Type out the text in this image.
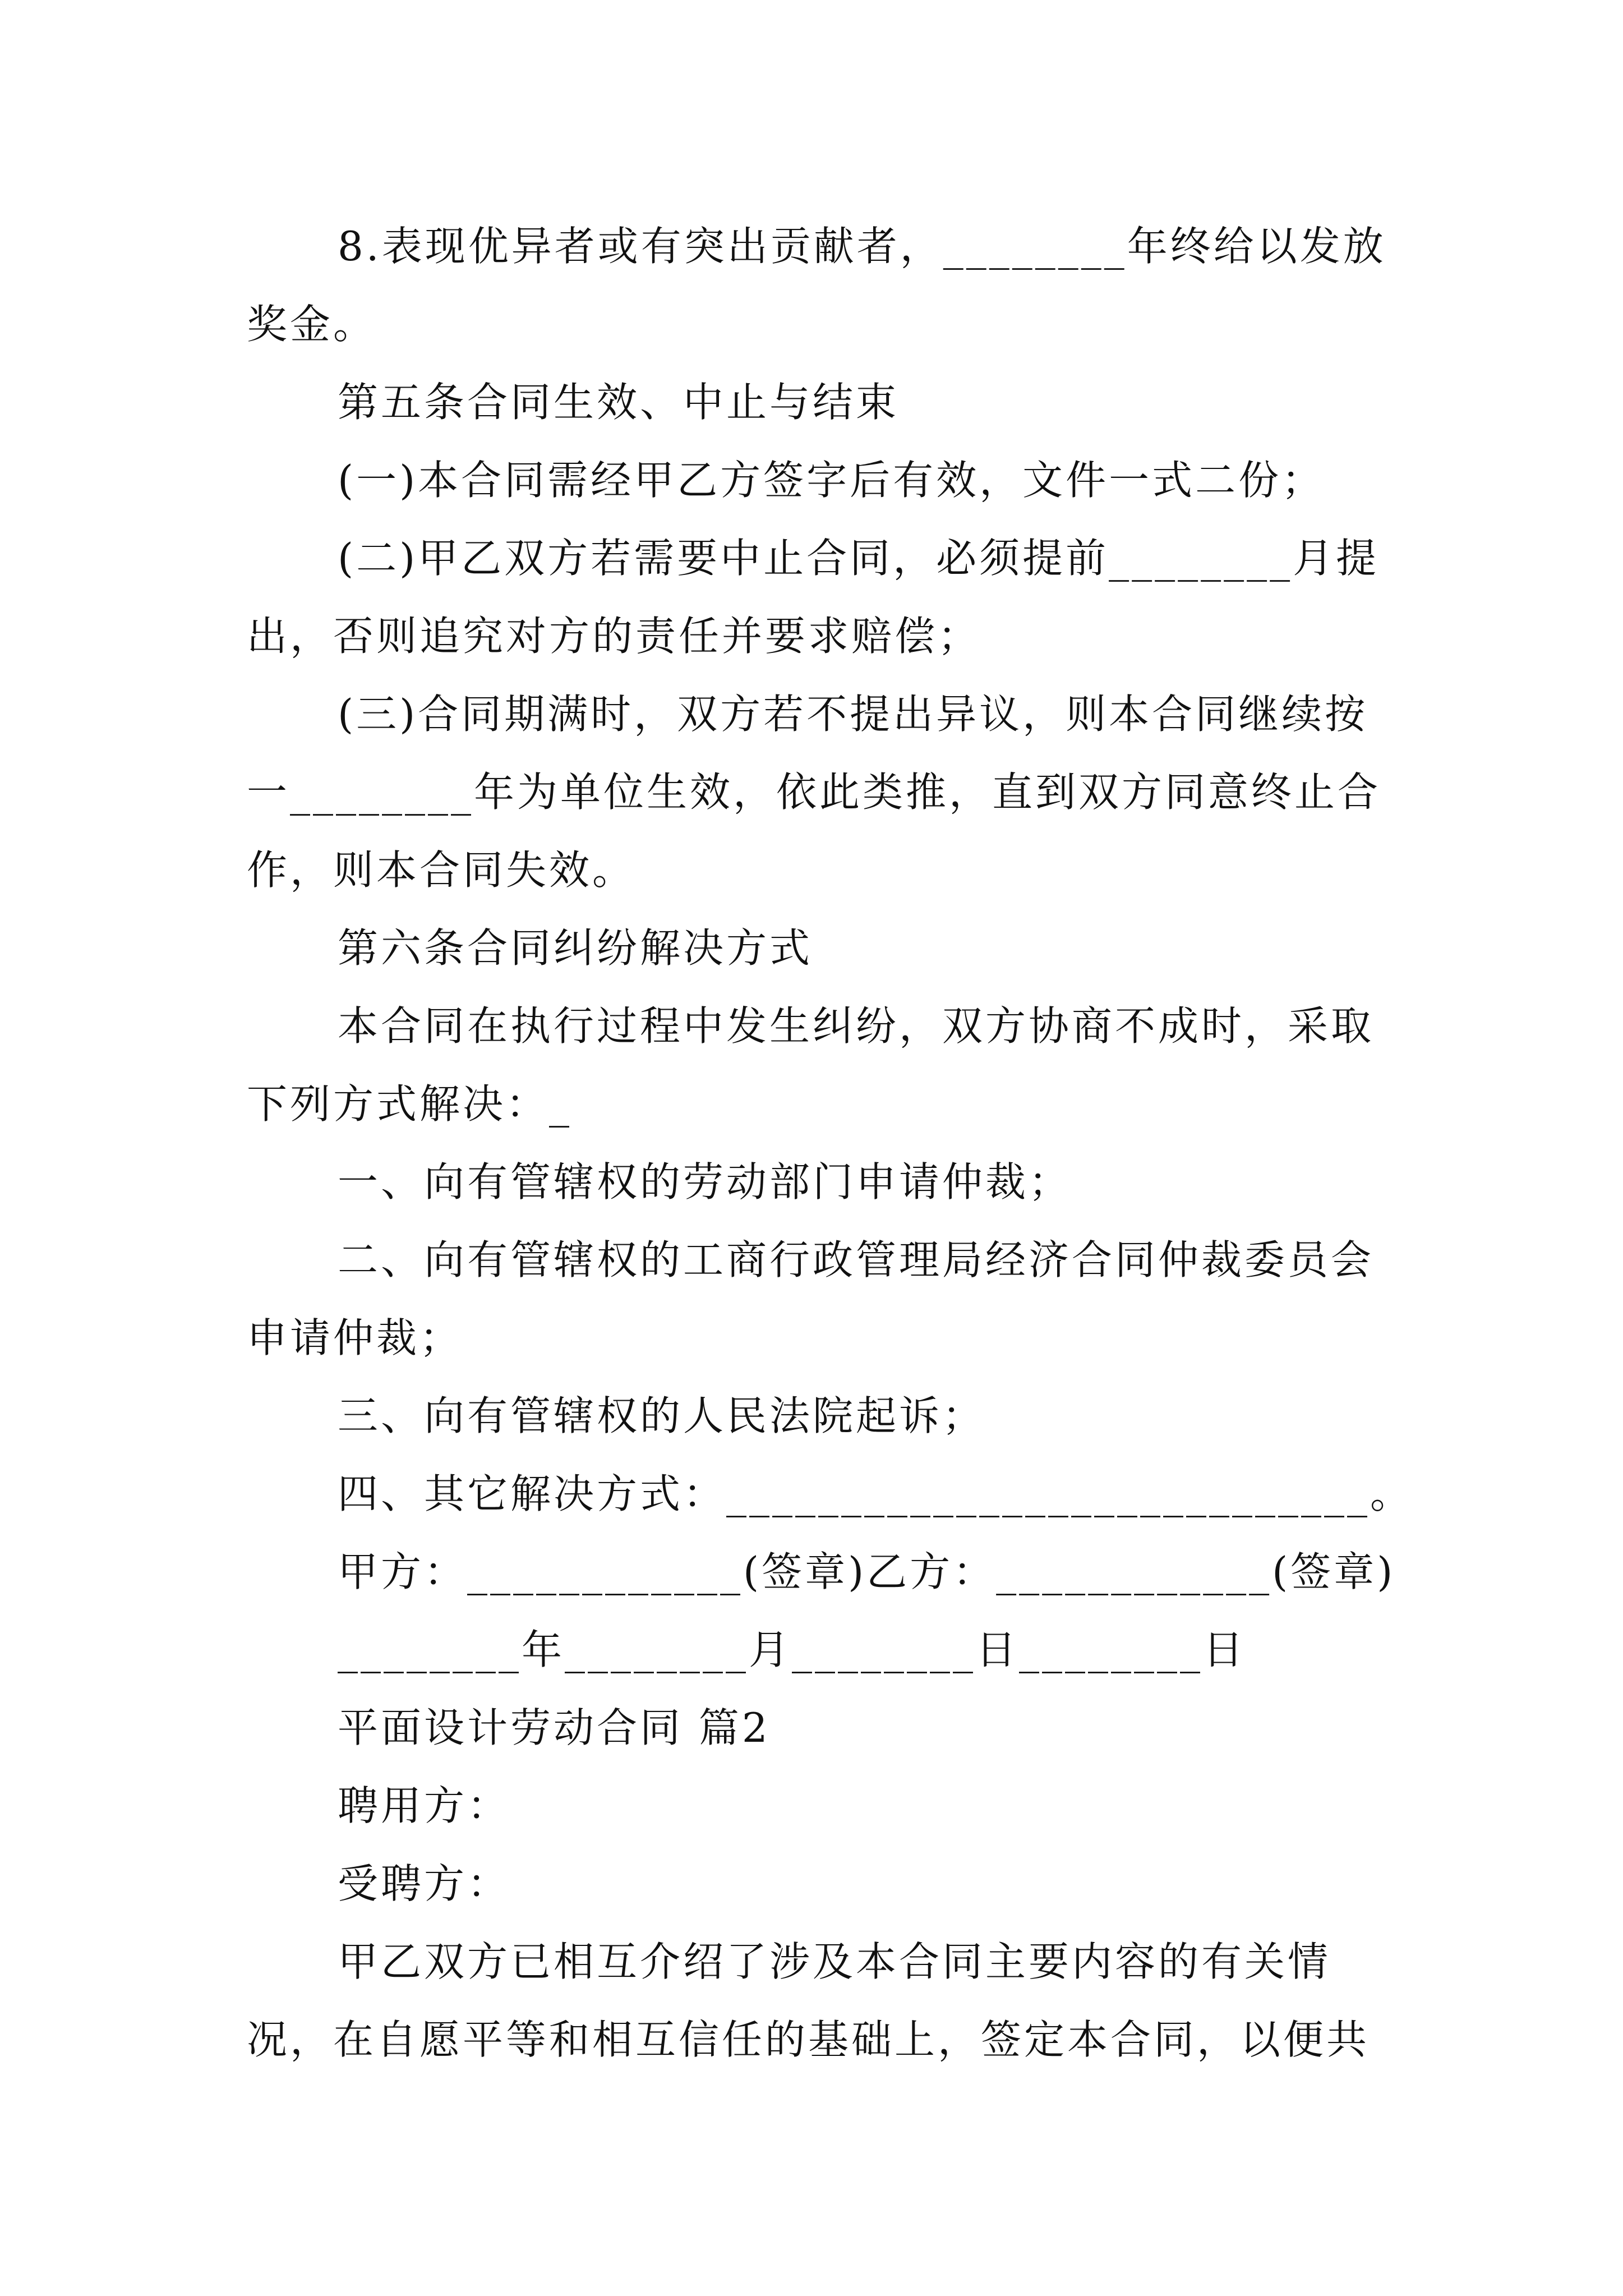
8.表现优异者或有突出贡献者，________年终给以发放
奖金。
第五条合同生效、中止与结束
(一)本合同需经甲乙方签字后有效，文件一式二份；
(二)甲乙双方若需要中止合同，必须提前________月提
出，否则追究对方的责任并要求赔偿；
(三)合同期满时，双方若不提出异议，则本合同继续按
一________年为单位生效，依此类推，直到双方同意终止合
作，则本合同失效。
第六条合同纠纷解决方式
本合同在执行过程中发生纠纷，双方协商不成时，采取
下列方式解决：_
一、向有管辖权的劳动部门申请仲裁；
二、向有管辖权的工商行政管理局经济合同仲裁委员会
申请仲裁；
三、向有管辖权的人民法院起诉；
四、其它解决方式：____________________________。
甲方：____________(签章)乙方：____________(签章)
________年________月________日________日
平面设计劳动合同 篇2
聘用方：
受聘方：
甲乙双方已相互介绍了涉及本合同主要内容的有关情
况，在自愿平等和相互信任的基础上，签定本合同，以便共
